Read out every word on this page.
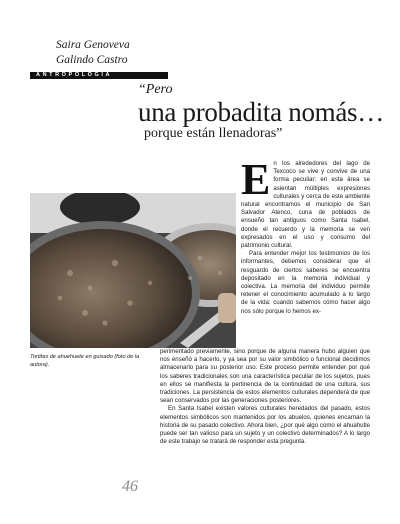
Saira Genoveva
Galindo Castro
ANTROPOLOGÍA
“Pero
una probadita nomás…
porque están llenadoras”
Tortitas de ahuehuete en guisado (foto de la autora).

En los alrededores del lago de Texcoco se vive y convive de una forma peculiar: en esta área se asientan múltiples expresiones culturales y cerca de este ambiente natural encontramos el municipio de San Salvador Atenco, cuna de poblados de ensueño tan antiguos como Santa Isabel, donde el recuerdo y la memoria se ven expresados en el uso y consumo del patrimonio cultural.

Para entender mejor los testimonios de los informantes, debemos considerar que el resguardo de ciertos saberes se encuentra depositado en la memoria individual y colectiva. La memoria del individuo permite retener el conocimiento acumulado a lo largo de la vida: cuando sabemos cómo hacer algo nos sólo porque lo hemos ex-

perimentado previamente, sino porque de alguna manera hubo alguien que nos enseñó a hacerlo, y ya sea por su valor simbólico o funcional decidimos almacenarlo para su posterior uso. Este proceso permite entender por qué los saberes tradicionales son una característica peculiar de los sujetos, pues en ellos se manifiesta la pertinencia de la continuidad de una cultura, sus tradiciones. La persistencia de estos elementos culturales dependerá de que sean conservados por las generaciones posteriores.

En Santa Isabel existen valores culturales heredados del pasado, estos elementos simbólicos son mantenidos por los abuelos, quienes encarnan la historia de su pasado colectivo. Ahora bien, ¿por qué algo como el ahuahutle puede ser tan valioso para un sujeto y un colectivo determinados? A lo largo de este trabajo se tratará de responder esta pregunta.

46
